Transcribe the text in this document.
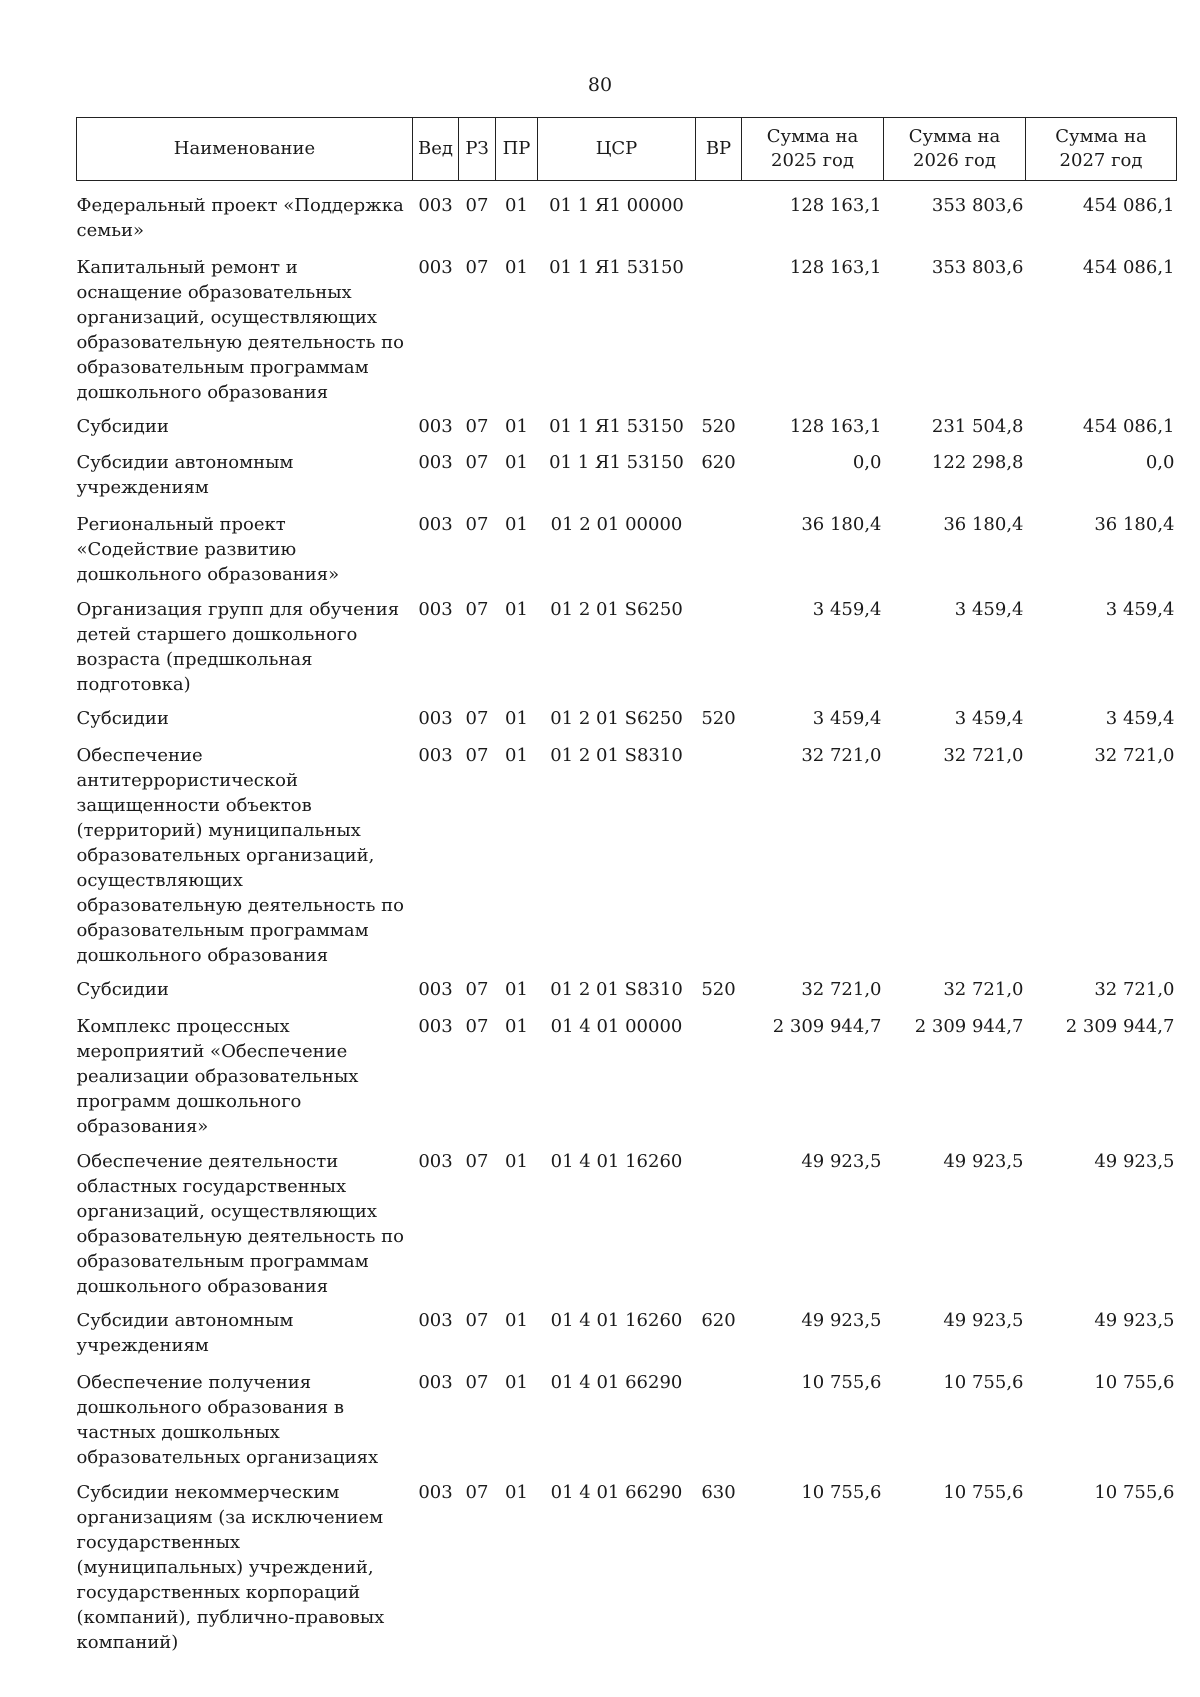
80
Наименование	Вед	РЗ	ПР	ЦСР	ВР	Сумма на 2025 год	Сумма на 2026 год	Сумма на 2027 год
Федеральный проект «Поддержка семьи»	003	07	01	01 1 Я1 00000		128 163,1	353 803,6	454 086,1
Капитальный ремонт и оснащение образовательных организаций, осуществляющих образовательную деятельность по образовательным программам дошкольного образования	003	07	01	01 1 Я1 53150		128 163,1	353 803,6	454 086,1
Субсидии	003	07	01	01 1 Я1 53150	520	128 163,1	231 504,8	454 086,1
Субсидии автономным учреждениям	003	07	01	01 1 Я1 53150	620	0,0	122 298,8	0,0
Региональный проект «Содействие развитию дошкольного образования»	003	07	01	01 2 01 00000		36 180,4	36 180,4	36 180,4
Организация групп для обучения детей старшего дошкольного возраста (предшкольная подготовка)	003	07	01	01 2 01 S6250		3 459,4	3 459,4	3 459,4
Субсидии	003	07	01	01 2 01 S6250	520	3 459,4	3 459,4	3 459,4
Обеспечение антитеррористической защищенности объектов (территорий) муниципальных образовательных организаций, осуществляющих образовательную деятельность по образовательным программам дошкольного образования	003	07	01	01 2 01 S8310		32 721,0	32 721,0	32 721,0
Субсидии	003	07	01	01 2 01 S8310	520	32 721,0	32 721,0	32 721,0
Комплекс процессных мероприятий «Обеспечение реализации образовательных программ дошкольного образования»	003	07	01	01 4 01 00000		2 309 944,7	2 309 944,7	2 309 944,7
Обеспечение деятельности областных государственных организаций, осуществляющих образовательную деятельность по образовательным программам дошкольного образования	003	07	01	01 4 01 16260		49 923,5	49 923,5	49 923,5
Субсидии автономным учреждениям	003	07	01	01 4 01 16260	620	49 923,5	49 923,5	49 923,5
Обеспечение получения дошкольного образования в частных дошкольных образовательных организациях	003	07	01	01 4 01 66290		10 755,6	10 755,6	10 755,6
Субсидии некоммерческим организациям (за исключением государственных (муниципальных) учреждений, государственных корпораций (компаний), публично-правовых компаний)	003	07	01	01 4 01 66290	630	10 755,6	10 755,6	10 755,6
